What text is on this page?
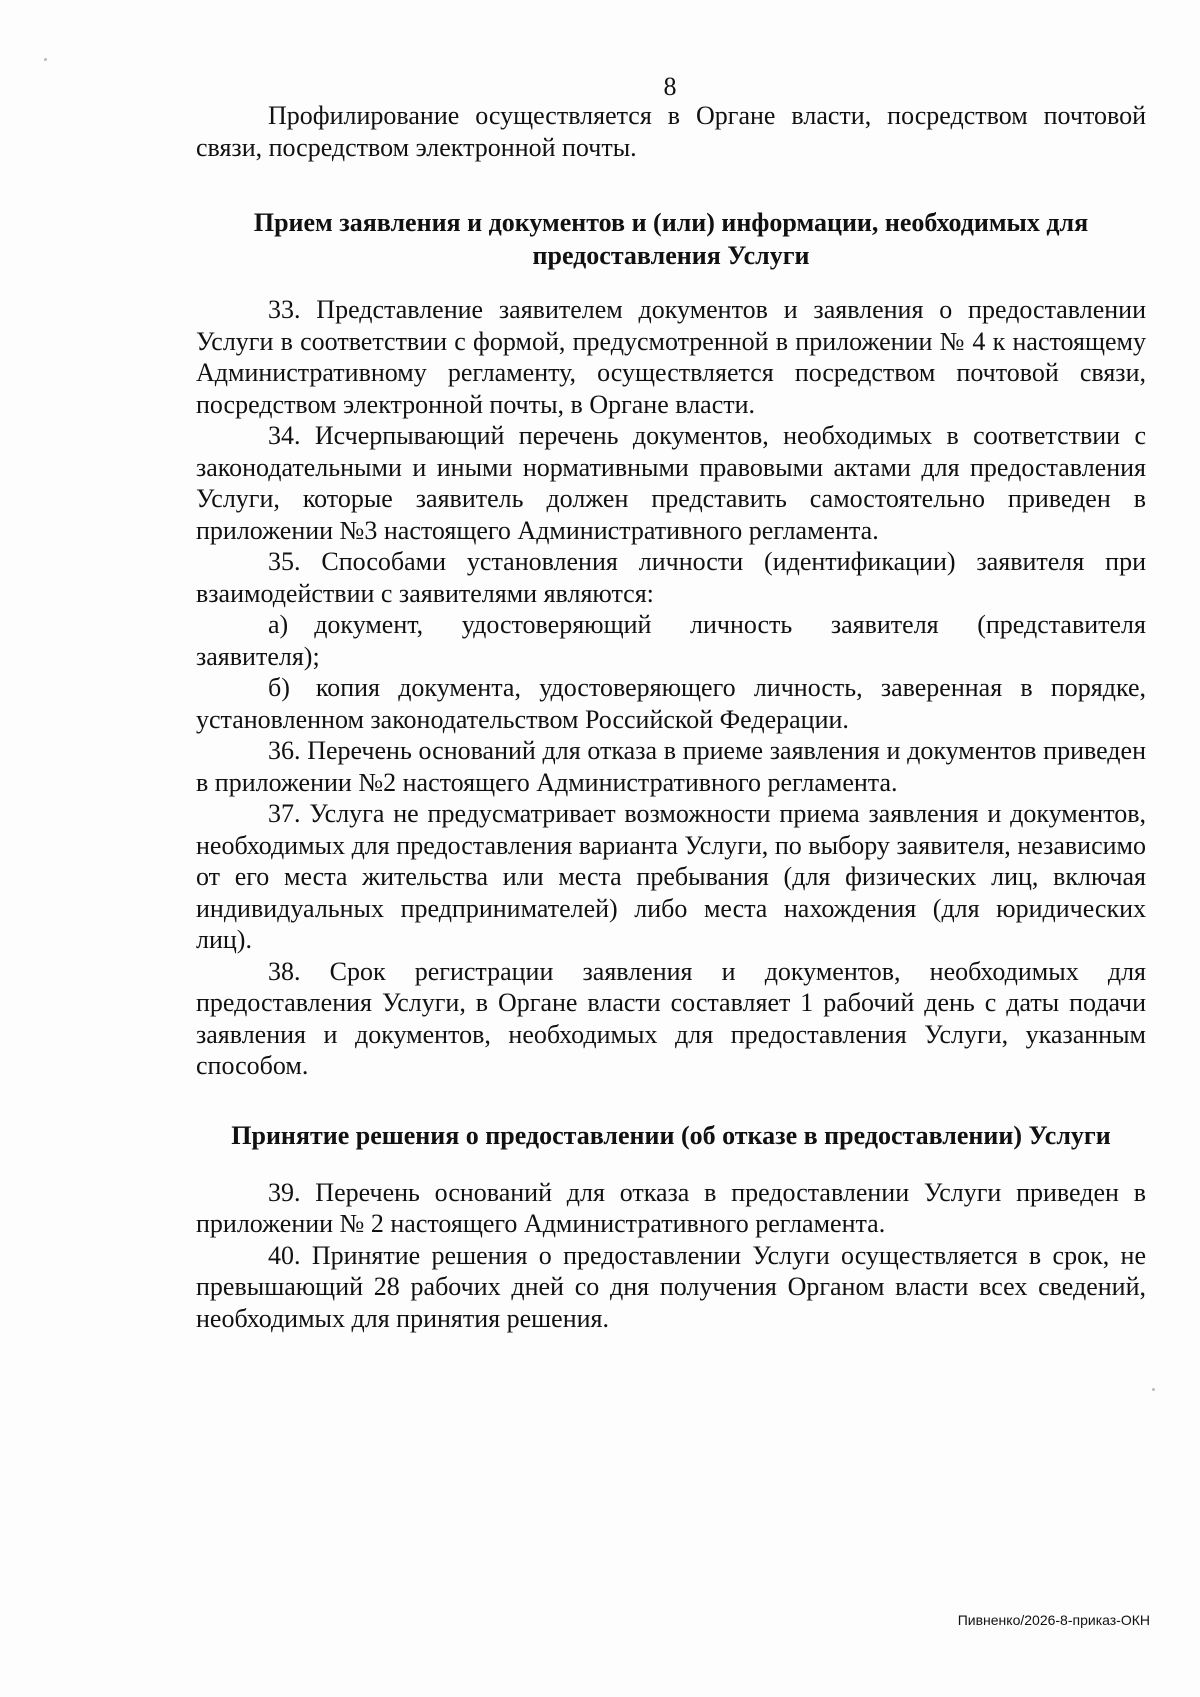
8

Профилирование осуществляется в Органе власти, посредством почтовой связи, посредством электронной почты.

Прием заявления и документов и (или) информации, необходимых для предоставления Услуги

33. Представление заявителем документов и заявления о предоставлении Услуги в соответствии с формой, предусмотренной в приложении № 4 к настоящему Административному регламенту, осуществляется посредством почтовой связи, посредством электронной почты, в Органе власти.

34. Исчерпывающий перечень документов, необходимых в соответствии с законодательными и иными нормативными правовыми актами для предоставления Услуги, которые заявитель должен представить самостоятельно приведен в приложении №3 настоящего Административного регламента.

35. Способами установления личности (идентификации) заявителя при взаимодействии с заявителями являются:

а) документ, удостоверяющий личность заявителя (представителя заявителя);

б) копия документа, удостоверяющего личность, заверенная в порядке, установленном законодательством Российской Федерации.

36. Перечень оснований для отказа в приеме заявления и документов приведен в приложении №2 настоящего Административного регламента.

37. Услуга не предусматривает возможности приема заявления и документов, необходимых для предоставления варианта Услуги, по выбору заявителя, независимо от его места жительства или места пребывания (для физических лиц, включая индивидуальных предпринимателей) либо места нахождения (для юридических лиц).

38. Срок регистрации заявления и документов, необходимых для предоставления Услуги, в Органе власти составляет 1 рабочий день с даты подачи заявления и документов, необходимых для предоставления Услуги, указанным способом.

Принятие решения о предоставлении (об отказе в предоставлении) Услуги

39. Перечень оснований для отказа в предоставлении Услуги приведен в приложении № 2 настоящего Административного регламента.

40. Принятие решения о предоставлении Услуги осуществляется в срок, не превышающий 28 рабочих дней со дня получения Органом власти всех сведений, необходимых для принятия решения.

Пивненко/2026-8-приказ-ОКН
